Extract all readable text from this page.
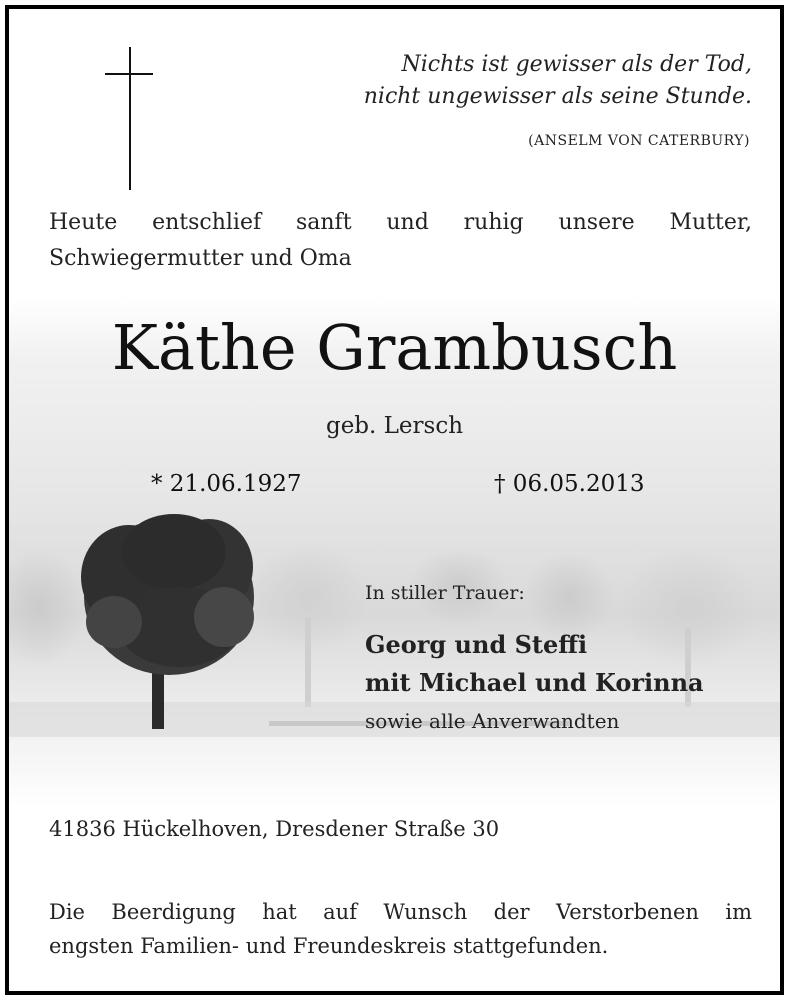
Nichts ist gewisser als der Tod,
nicht ungewisser als seine Stunde.
(ANSELM VON CATERBURY)
Heute entschlief sanft und ruhig unsere Mutter,
Schwiegermutter und Oma
Käthe Grambusch
geb. Lersch
* 21.06.1927	† 06.05.2013
In stiller Trauer:
Georg und Steffi
mit Michael und Korinna
sowie alle Anverwandten
41836 Hückelhoven, Dresdener Straße 30
Die Beerdigung hat auf Wunsch der Verstorbenen im
engsten Familien- und Freundeskreis stattgefunden.
